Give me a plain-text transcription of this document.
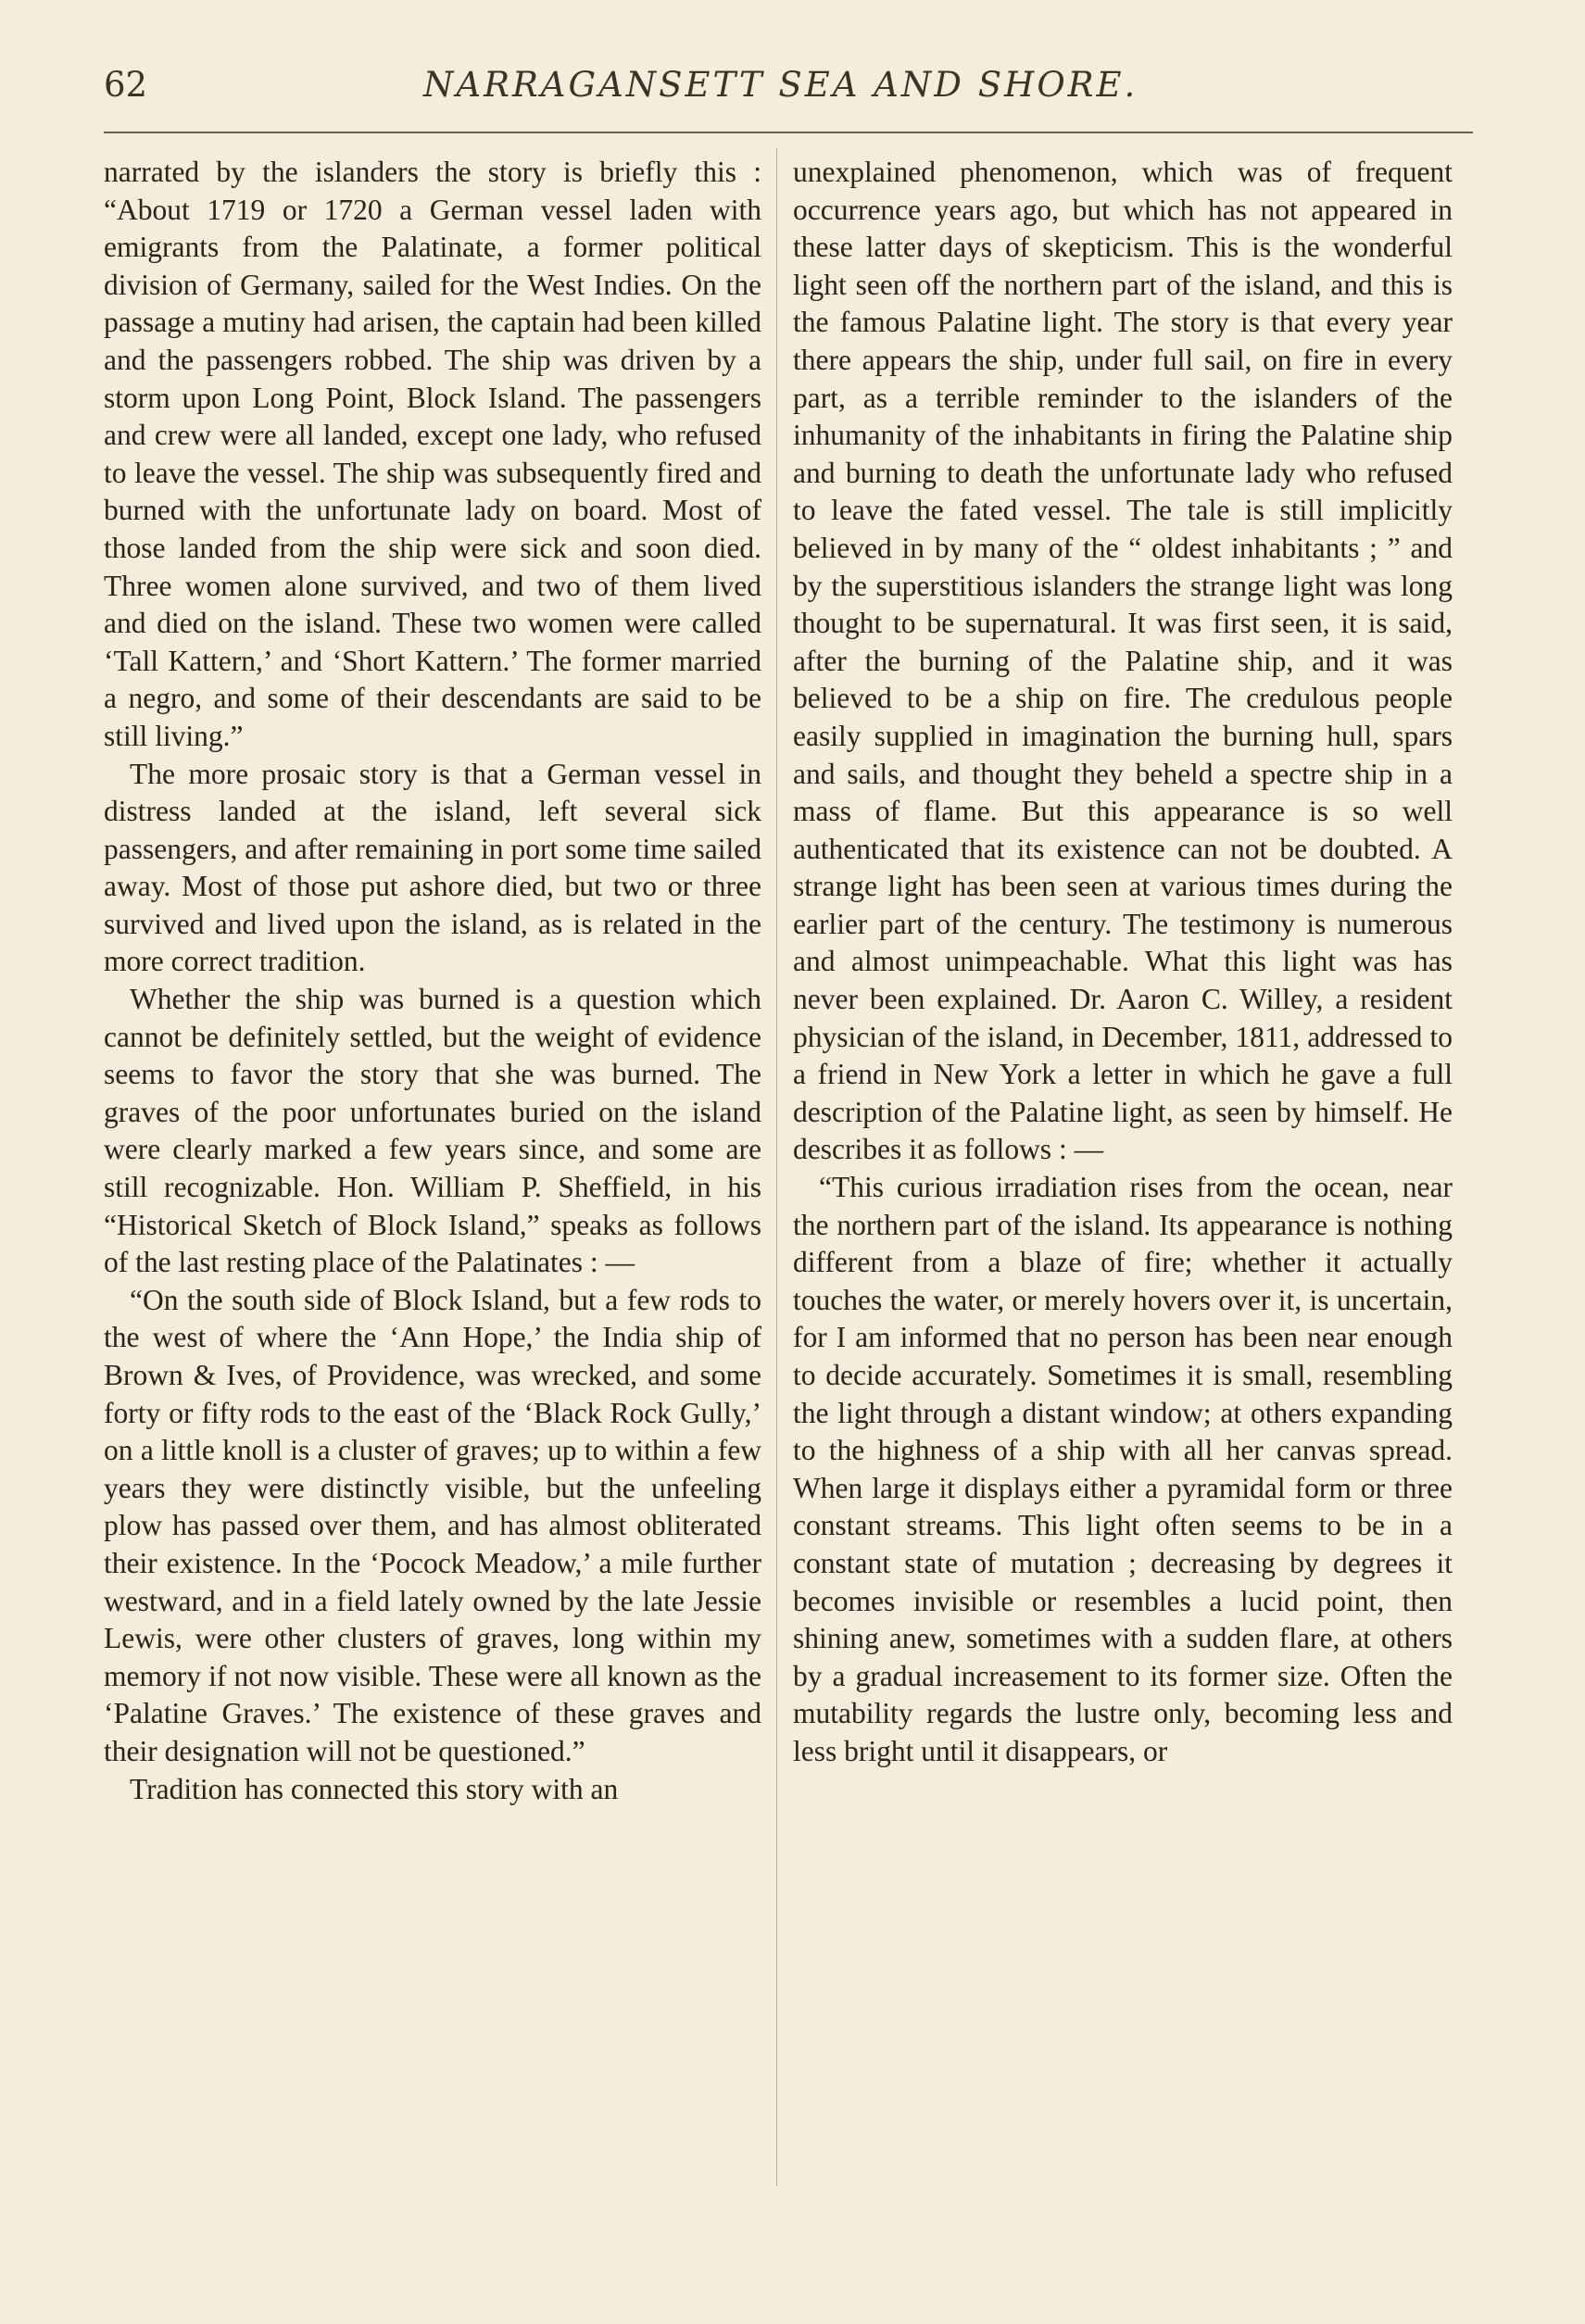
62	NARRAGANSETT SEA AND SHORE.

narrated by the islanders the story is briefly this : “About 1719 or 1720 a German vessel laden with emigrants from the Palatinate, a former political division of Germany, sailed for the West Indies. On the passage a mutiny had arisen, the captain had been killed and the passengers robbed. The ship was driven by a storm upon Long Point, Block Island. The passengers and crew were all landed, except one lady, who refused to leave the vessel. The ship was subsequently fired and burned with the unfortunate lady on board. Most of those landed from the ship were sick and soon died. Three women alone survived, and two of them lived and died on the island. These two women were called ‘Tall Kattern,’ and ‘Short Kattern.’ The former married a negro, and some of their descendants are said to be still living.”

The more prosaic story is that a German vessel in distress landed at the island, left several sick passengers, and after remaining in port some time sailed away. Most of those put ashore died, but two or three survived and lived upon the island, as is related in the more correct tradition.

Whether the ship was burned is a question which cannot be definitely settled, but the weight of evidence seems to favor the story that she was burned. The graves of the poor unfortunates buried on the island were clearly marked a few years since, and some are still recognizable. Hon. William P. Sheffield, in his “Historical Sketch of Block Island,” speaks as follows of the last resting place of the Palatinates : —

“On the south side of Block Island, but a few rods to the west of where the ‘Ann Hope,’ the India ship of Brown & Ives, of Providence, was wrecked, and some forty or fifty rods to the east of the ‘Black Rock Gully,’ on a little knoll is a cluster of graves; up to within a few years they were distinctly visible, but the unfeeling plow has passed over them, and has almost obliterated their existence. In the ‘Pocock Meadow,’ a mile further westward, and in a field lately owned by the late Jessie Lewis, were other clusters of graves, long within my memory if not now visible. These were all known as the ‘Palatine Graves.’ The existence of these graves and their designation will not be questioned.”

Tradition has connected this story with an

unexplained phenomenon, which was of frequent occurrence years ago, but which has not appeared in these latter days of skepticism. This is the wonderful light seen off the northern part of the island, and this is the famous Palatine light. The story is that every year there appears the ship, under full sail, on fire in every part, as a terrible reminder to the islanders of the inhumanity of the inhabitants in firing the Palatine ship and burning to death the unfortunate lady who refused to leave the fated vessel. The tale is still implicitly believed in by many of the “ oldest inhabitants ; ” and by the superstitious islanders the strange light was long thought to be supernatural. It was first seen, it is said, after the burning of the Palatine ship, and it was believed to be a ship on fire. The credulous people easily supplied in imagination the burning hull, spars and sails, and thought they beheld a spectre ship in a mass of flame. But this appearance is so well authenticated that its existence can not be doubted. A strange light has been seen at various times during the earlier part of the century. The testimony is numerous and almost unimpeachable. What this light was has never been explained. Dr. Aaron C. Willey, a resident physician of the island, in December, 1811, addressed to a friend in New York a letter in which he gave a full description of the Palatine light, as seen by himself. He describes it as follows : —

“This curious irradiation rises from the ocean, near the northern part of the island. Its appearance is nothing different from a blaze of fire; whether it actually touches the water, or merely hovers over it, is uncertain, for I am informed that no person has been near enough to decide accurately. Sometimes it is small, resembling the light through a distant window; at others expanding to the highness of a ship with all her canvas spread. When large it displays either a pyramidal form or three constant streams. This light often seems to be in a constant state of mutation ; decreasing by degrees it becomes invisible or resembles a lucid point, then shining anew, sometimes with a sudden flare, at others by a gradual increasement to its former size. Often the mutability regards the lustre only, becoming less and less bright until it disappears, or
